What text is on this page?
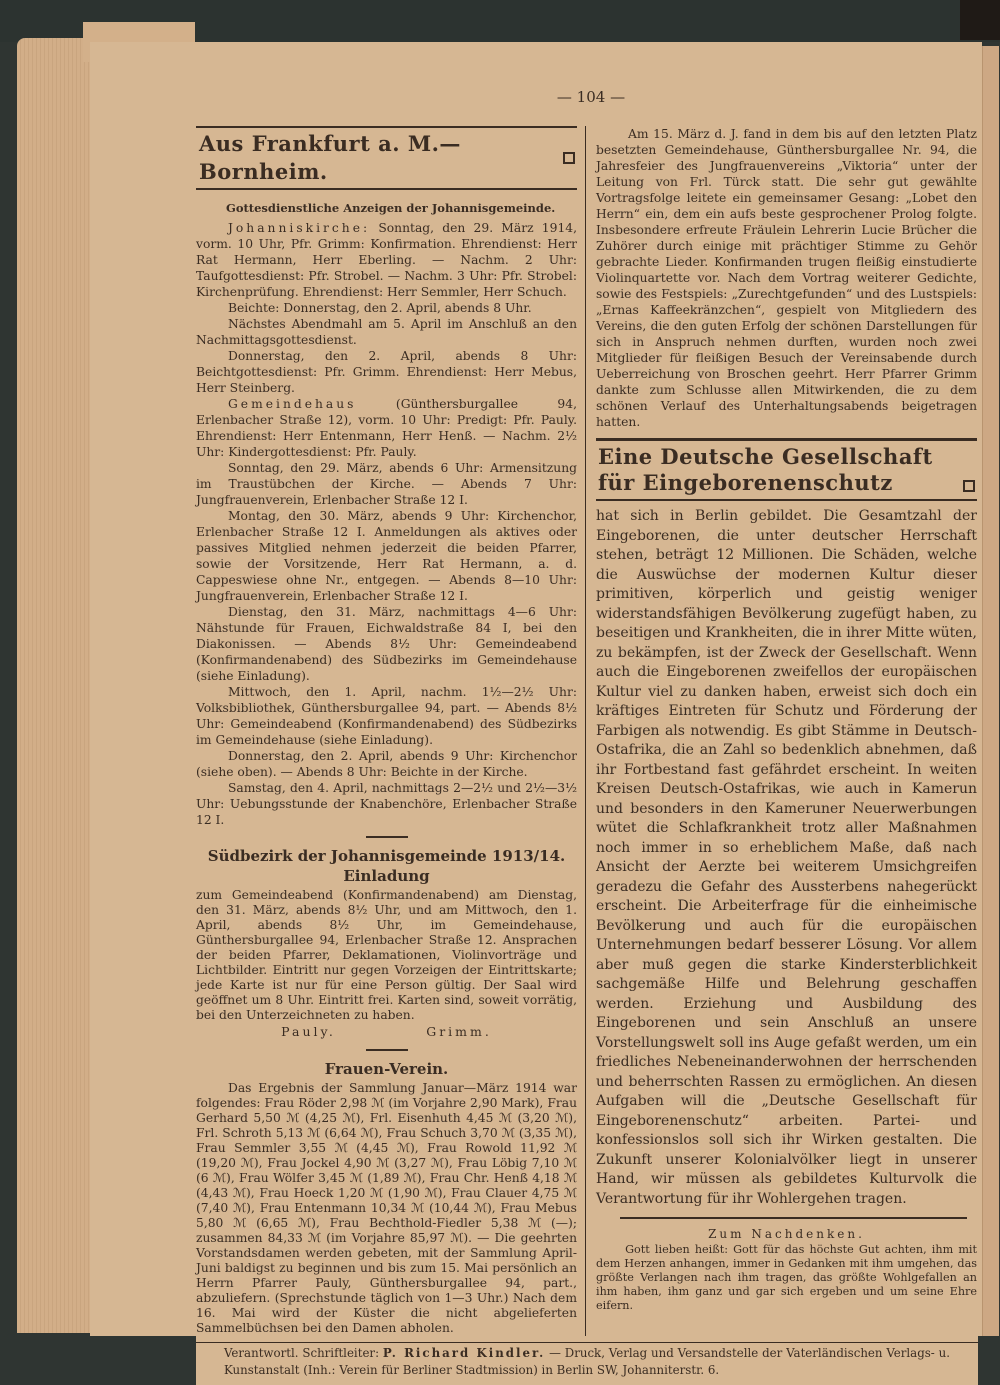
— 104 —
Aus Frankfurt a. M.—Bornheim.

Gottesdienstliche Anzeigen der Johannisgemeinde.

Johanniskirche: Sonntag, den 29. März 1914, vorm. 10 Uhr, Pfr. Grimm: Konfirmation. Ehrendienst: Herr Rat Hermann, Herr Eberling. — Nachm. 2 Uhr: Taufgottesdienst: Pfr. Strobel. — Nachm. 3 Uhr: Pfr. Strobel: Kirchenprüfung. Ehrendienst: Herr Semmler, Herr Schuch.

Beichte: Donnerstag, den 2. April, abends 8 Uhr.

Nächstes Abendmahl am 5. April im Anschluß an den Nachmittagsgottesdienst.

Donnerstag, den 2. April, abends 8 Uhr: Beichtgottesdienst: Pfr. Grimm. Ehrendienst: Herr Mebus, Herr Steinberg.

Gemeindehaus (Günthersburgallee 94, Erlenbacher Straße 12), vorm. 10 Uhr: Predigt: Pfr. Pauly. Ehrendienst: Herr Entenmann, Herr Henß. — Nachm. 2½ Uhr: Kindergottesdienst: Pfr. Pauly.

Sonntag, den 29. März, abends 6 Uhr: Armensitzung im Traustübchen der Kirche. — Abends 7 Uhr: Jungfrauenverein, Erlenbacher Straße 12 I.

Montag, den 30. März, abends 9 Uhr: Kirchenchor, Erlenbacher Straße 12 I. Anmeldungen als aktives oder passives Mitglied nehmen jederzeit die beiden Pfarrer, sowie der Vorsitzende, Herr Rat Hermann, a. d. Cappeswiese ohne Nr., entgegen. — Abends 8—10 Uhr: Jungfrauenverein, Erlenbacher Straße 12 I.

Dienstag, den 31. März, nachmittags 4—6 Uhr: Nähstunde für Frauen, Eichwaldstraße 84 I, bei den Diakonissen. — Abends 8½ Uhr: Gemeindeabend (Konfirmandenabend) des Südbezirks im Gemeindehause (siehe Einladung).

Mittwoch, den 1. April, nachm. 1½—2½ Uhr: Volksbibliothek, Günthersburgallee 94, part. — Abends 8½ Uhr: Gemeindeabend (Konfirmandenabend) des Südbezirks im Gemeindehause (siehe Einladung).

Donnerstag, den 2. April, abends 9 Uhr: Kirchenchor (siehe oben). — Abends 8 Uhr: Beichte in der Kirche.

Samstag, den 4. April, nachmittags 2—2½ und 2½—3½ Uhr: Uebungsstunde der Knabenchöre, Erlenbacher Straße 12 I.

Südbezirk der Johannisgemeinde 1913/14.
Einladung

zum Gemeindeabend (Konfirmandenabend) am Dienstag, den 31. März, abends 8½ Uhr, und am Mittwoch, den 1. April, abends 8½ Uhr, im Gemeindehause, Günthersburgallee 94, Erlenbacher Straße 12. Ansprachen der beiden Pfarrer, Deklamationen, Violinvorträge und Lichtbilder. Eintritt nur gegen Vorzeigen der Eintrittskarte; jede Karte ist nur für eine Person gültig. Der Saal wird geöffnet um 8 Uhr. Eintritt frei. Karten sind, soweit vorrätig, bei den Unterzeichneten zu haben.

Pauly.	Grimm.
Frauen-Verein.

Das Ergebnis der Sammlung Januar—März 1914 war folgendes: Frau Röder 2,98 ℳ (im Vorjahre 2,90 Mark), Frau Gerhard 5,50 ℳ (4,25 ℳ), Frl. Eisenhuth 4,45 ℳ (3,20 ℳ), Frl. Schroth 5,13 ℳ (6,64 ℳ), Frau Schuch 3,70 ℳ (3,35 ℳ), Frau Semmler 3,55 ℳ (4,45 ℳ), Frau Rowold 11,92 ℳ (19,20 ℳ), Frau Jockel 4,90 ℳ (3,27 ℳ), Frau Löbig 7,10 ℳ (6 ℳ), Frau Wölfer 3,45 ℳ (1,89 ℳ), Frau Chr. Henß 4,18 ℳ (4,43 ℳ), Frau Hoeck 1,20 ℳ (1,90 ℳ), Frau Clauer 4,75 ℳ (7,40 ℳ), Frau Entenmann 10,34 ℳ (10,44 ℳ), Frau Mebus 5,80 ℳ (6,65 ℳ), Frau Bechthold-Fiedler 5,38 ℳ (—); zusammen 84,33 ℳ (im Vorjahre 85,97 ℳ). — Die geehrten Vorstandsdamen werden gebeten, mit der Sammlung April-Juni baldigst zu beginnen und bis zum 15. Mai persönlich an Herrn Pfarrer Pauly, Günthersburgallee 94, part., abzuliefern. (Sprechstunde täglich von 1—3 Uhr.) Nach dem 16. Mai wird der Küster die nicht abgelieferten Sammelbüchsen bei den Damen abholen.

Am 15. März d. J. fand in dem bis auf den letzten Platz besetzten Gemeindehause, Günthersburgallee Nr. 94, die Jahresfeier des Jungfrauenvereins „Viktoria“ unter der Leitung von Frl. Türck statt. Die sehr gut gewählte Vortragsfolge leitete ein gemeinsamer Gesang: „Lobet den Herrn“ ein, dem ein aufs beste gesprochener Prolog folgte. Insbesondere erfreute Fräulein Lehrerin Lucie Brücher die Zuhörer durch einige mit prächtiger Stimme zu Gehör gebrachte Lieder. Konfirmanden trugen fleißig einstudierte Violinquartette vor. Nach dem Vortrag weiterer Gedichte, sowie des Festspiels: „Zurechtgefunden“ und des Lustspiels: „Ernas Kaffeekränzchen“, gespielt von Mitgliedern des Vereins, die den guten Erfolg der schönen Darstellungen für sich in Anspruch nehmen durften, wurden noch zwei Mitglieder für fleißigen Besuch der Vereinsabende durch Ueberreichung von Broschen geehrt. Herr Pfarrer Grimm dankte zum Schlusse allen Mitwirkenden, die zu dem schönen Verlauf des Unterhaltungsabends beigetragen hatten.

Eine Deutsche Gesellschaft für Eingeborenenschutz

hat sich in Berlin gebildet. Die Gesamtzahl der Eingeborenen, die unter deutscher Herrschaft stehen, beträgt 12 Millionen. Die Schäden, welche die Auswüchse der modernen Kultur dieser primitiven, körperlich und geistig weniger widerstandsfähigen Bevölkerung zugefügt haben, zu beseitigen und Krankheiten, die in ihrer Mitte wüten, zu bekämpfen, ist der Zweck der Gesellschaft. Wenn auch die Eingeborenen zweifellos der europäischen Kultur viel zu danken haben, erweist sich doch ein kräftiges Eintreten für Schutz und Förderung der Farbigen als notwendig. Es gibt Stämme in Deutsch-Ostafrika, die an Zahl so bedenklich abnehmen, daß ihr Fortbestand fast gefährdet erscheint. In weiten Kreisen Deutsch-Ostafrikas, wie auch in Kamerun und besonders in den Kameruner Neuerwerbungen wütet die Schlafkrankheit trotz aller Maßnahmen noch immer in so erheblichem Maße, daß nach Ansicht der Aerzte bei weiterem Umsichgreifen geradezu die Gefahr des Aussterbens nahegerückt erscheint. Die Arbeiterfrage für die einheimische Bevölkerung und auch für die europäischen Unternehmungen bedarf besserer Lösung. Vor allem aber muß gegen die starke Kindersterblichkeit sachgemäße Hilfe und Belehrung geschaffen werden. Erziehung und Ausbildung des Eingeborenen und sein Anschluß an unsere Vorstellungswelt soll ins Auge gefaßt werden, um ein friedliches Nebeneinanderwohnen der herrschenden und beherrschten Rassen zu ermöglichen. An diesen Aufgaben will die „Deutsche Gesellschaft für Eingeborenenschutz“ arbeiten. Partei- und konfessionslos soll sich ihr Wirken gestalten. Die Zukunft unserer Kolonialvölker liegt in unserer Hand, wir müssen als gebildetes Kulturvolk die Verantwortung für ihr Wohlergehen tragen.

Zum Nachdenken.

Gott lieben heißt: Gott für das höchste Gut achten, ihm mit dem Herzen anhangen, immer in Gedanken mit ihm umgehen, das größte Verlangen nach ihm tragen, das größte Wohlgefallen an ihm haben, ihm ganz und gar sich ergeben und um seine Ehre eifern.

Verantwortl. Schriftleiter: P. Richard Kindler. — Druck, Verlag und Versandstelle der Vaterländischen Verlags- u. Kunstanstalt (Inh.: Verein für Berliner Stadtmission) in Berlin SW, Johanniterstr. 6.
